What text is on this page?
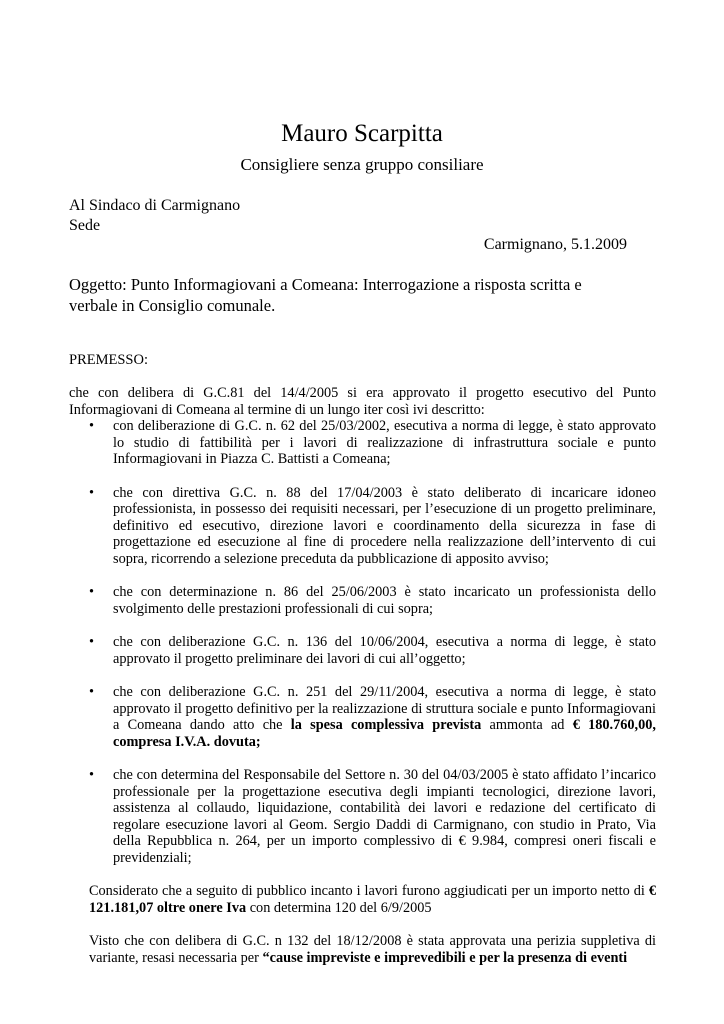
Mauro Scarpitta
Consigliere senza gruppo consiliare
Al Sindaco di Carmignano
Sede
Carmignano, 5.1.2009
Oggetto: Punto Informagiovani a Comeana: Interrogazione a risposta scritta e
verbale in Consiglio comunale.
PREMESSO:

che con delibera di G.C.81 del 14/4/2005 si era approvato il progetto esecutivo del Punto Informagiovani di Comeana al termine di un lungo iter così ivi descritto:

• con deliberazione di G.C. n. 62 del 25/03/2002, esecutiva a norma di legge, è stato approvato lo studio di fattibilità per i lavori di realizzazione di infrastruttura sociale e punto Informagiovani in Piazza C. Battisti a Comeana;
• che con direttiva G.C. n. 88 del 17/04/2003 è stato deliberato di incaricare idoneo professionista, in possesso dei requisiti necessari, per l’esecuzione di un progetto preliminare, definitivo ed esecutivo, direzione lavori e coordinamento della sicurezza in fase di progettazione ed esecuzione al fine di procedere nella realizzazione dell’intervento di cui sopra, ricorrendo a selezione preceduta da pubblicazione di apposito avviso;
• che con determinazione n. 86 del 25/06/2003 è stato incaricato un professionista dello svolgimento delle prestazioni professionali di cui sopra;
• che con deliberazione G.C. n. 136 del 10/06/2004, esecutiva a norma di legge, è stato approvato il progetto preliminare dei lavori di cui all’oggetto;
• che con deliberazione G.C. n. 251 del 29/11/2004, esecutiva a norma di legge, è stato approvato il progetto definitivo per la realizzazione di struttura sociale e punto Informagiovani a Comeana dando atto che la spesa complessiva prevista ammonta ad € 180.760,00, compresa I.V.A. dovuta;
• che con determina del Responsabile del Settore n. 30 del 04/03/2005 è stato affidato l’incarico professionale per la progettazione esecutiva degli impianti tecnologici, direzione lavori, assistenza al collaudo, liquidazione, contabilità dei lavori e redazione del certificato di regolare esecuzione lavori al Geom. Sergio Daddi di Carmignano, con studio in Prato, Via della Repubblica n. 264, per un importo complessivo di € 9.984, compresi oneri fiscali e previdenziali;

Considerato che a seguito di pubblico incanto i lavori furono aggiudicati per un importo netto di € 121.181,07 oltre onere Iva con determina 120 del 6/9/2005

Visto che con delibera di G.C. n 132 del 18/12/2008 è stata approvata una perizia suppletiva di variante, resasi necessaria per “cause impreviste e imprevedibili e per la presenza di eventi
